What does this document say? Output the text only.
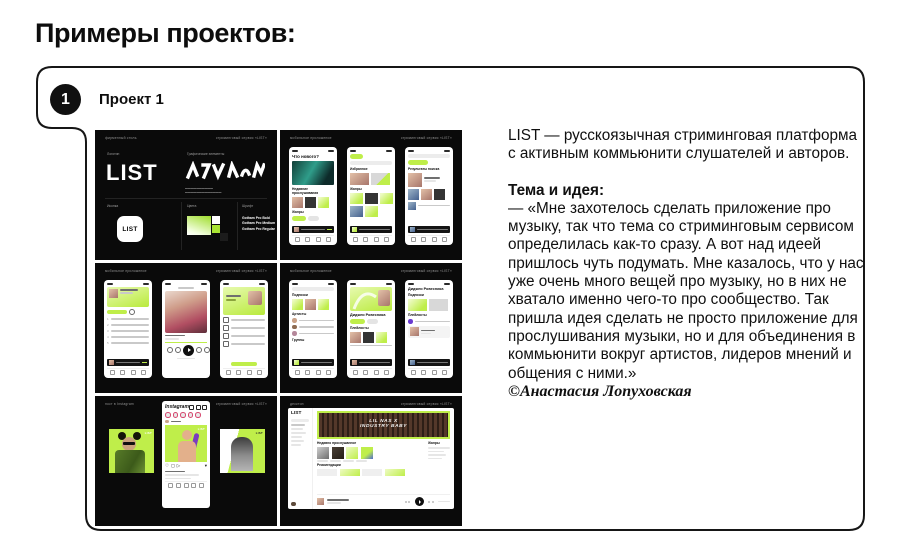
Примеры проектов:
1	Проект 1
фирменный стиль	стриминговый сервис «LIST»
Логотип
LIST
Графические элементы
▬▬▬▬▬▬▬▬▬▬
▬▬▬▬▬▬▬▬▬▬▬▬▬
Иконка
LIST
Цвета	Шрифт
Gotham Pro Bold
Gotham Pro Medium
Gotham Pro Regular
мобильное приложение	стриминговый сервис «LIST»
Что нового?
Недавние прослушивания
Жанры
Избранное
Жанры
Результаты поиска
мобильное приложение	стриминговый сервис «LIST»
1
2
3
4
5
мобильное приложение	стриминговый сервис «LIST»
Подписки
Артисты
Группы
Диджеи Ровесника
Плейлисты
Диджеи Ровесника
Подписки
Плейлисты
пост в Instagram	стриминговый сервис «LIST»
LIST
Instagram
LIST
♡ ◻ ▷	▾
LIST
десктоп	стриминговый сервис «LIST»
LIST
LIL NAS X
INDUSTRY BABY
Недавно прослушанное
Рекомендации
Жанры

LIST — русскоязычная стриминговая платформа с активным коммьюнити слушателей и авторов.

Тема и идея:

— «Мне захотелось сделать приложение про музыку, так что тема со стриминговым сервисом определилась как-то сразу. А вот над идеей пришлось чуть подумать. Мне казалось, что у нас уже очень много вещей про музыку, но в них не хватало именно чего-то про сообщество. Так пришла идея сделать не просто приложение для прослушивания музыки, но и для объединения в коммьюнити вокруг артистов, лидеров мнений и общения с ними.»

©Анастасия Лопуховская
